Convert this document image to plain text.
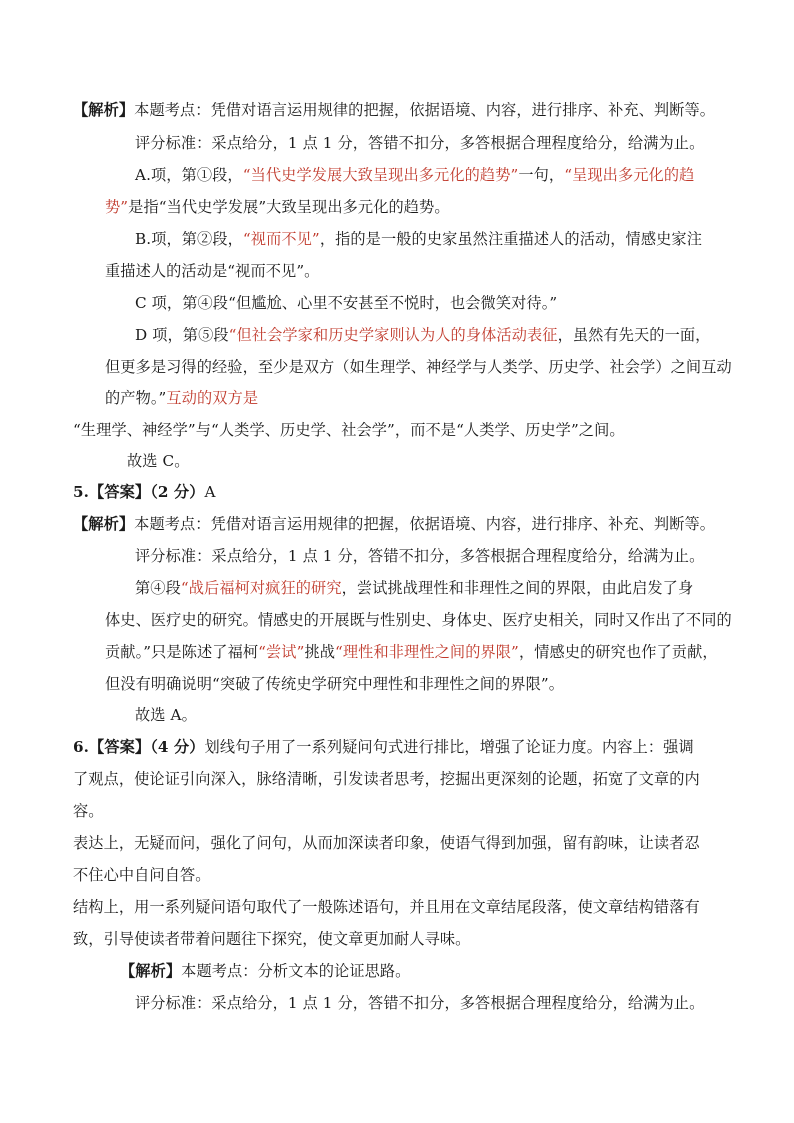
【解析】本题考点：凭借对语言运用规律的把握，依据语境、内容，进行排序、补充、判断等。
评分标准：采点给分，1 点 1 分，答错不扣分，多答根据合理程度给分，给满为止。
A.项，第①段，“当代史学发展大致呈现出多元化的趋势”一句，“呈现出多元化的趋
势”是指“当代史学发展”大致呈现出多元化的趋势。
B.项，第②段，“视而不见”，指的是一般的史家虽然注重描述人的活动，情感史家注
重描述人的活动是“视而不见”。
C 项，第④段“但尴尬、心里不安甚至不悦时，也会微笑对待。”
D 项，第⑤段“但社会学家和历史学家则认为人的身体活动表征，虽然有先天的一面，
但更多是习得的经验，至少是双方（如生理学、神经学与人类学、历史学、社会学）之间互动
的产物。”互动的双方是
“生理学、神经学”与“人类学、历史学、社会学”，而不是“人类学、历史学”之间。
故选 C。
5.【答案】（2 分）A
【解析】本题考点：凭借对语言运用规律的把握，依据语境、内容，进行排序、补充、判断等。
评分标准：采点给分，1 点 1 分，答错不扣分，多答根据合理程度给分，给满为止。
第④段“战后福柯对疯狂的研究，尝试挑战理性和非理性之间的界限，由此启发了身
体史、医疗史的研究。情感史的开展既与性别史、身体史、医疗史相关，同时又作出了不同的
贡献。”只是陈述了福柯“尝试”挑战“理性和非理性之间的界限”，情感史的研究也作了贡献，
但没有明确说明“突破了传统史学研究中理性和非理性之间的界限”。
故选 A。
6.【答案】（4 分）划线句子用了一系列疑问句式进行排比，增强了论证力度。内容上：强调
了观点，使论证引向深入，脉络清晰，引发读者思考，挖掘出更深刻的论题，拓宽了文章的内
容。
表达上，无疑而问，强化了问句，从而加深读者印象，使语气得到加强，留有韵味，让读者忍
不住心中自问自答。
结构上，用一系列疑问语句取代了一般陈述语句，并且用在文章结尾段落，使文章结构错落有
致，引导使读者带着问题往下探究，使文章更加耐人寻味。
【解析】本题考点：分析文本的论证思路。
评分标准：采点给分，1 点 1 分，答错不扣分，多答根据合理程度给分，给满为止。
